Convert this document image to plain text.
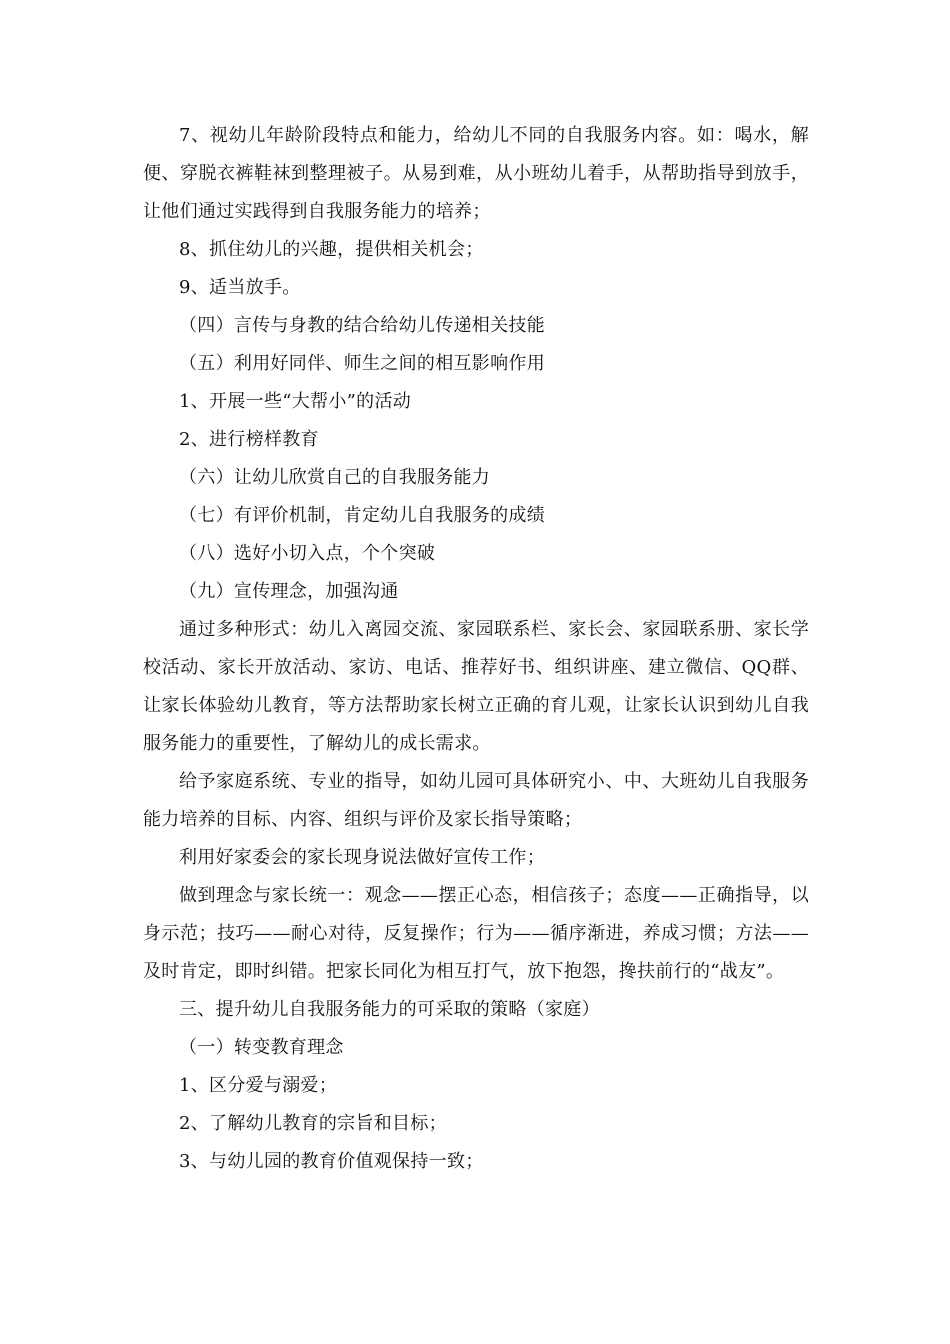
7、视幼儿年龄阶段特点和能力，给幼儿不同的自我服务内容。如：喝水，解便、穿脱衣裤鞋袜到整理被子。从易到难，从小班幼儿着手，从帮助指导到放手，让他们通过实践得到自我服务能力的培养；

8、抓住幼儿的兴趣，提供相关机会；

9、适当放手。

（四）言传与身教的结合给幼儿传递相关技能

（五）利用好同伴、师生之间的相互影响作用

1、开展一些“大帮小”的活动

2、进行榜样教育

（六）让幼儿欣赏自己的自我服务能力

（七）有评价机制，肯定幼儿自我服务的成绩

（八）选好小切入点，个个突破

（九）宣传理念，加强沟通

通过多种形式：幼儿入离园交流、家园联系栏、家长会、家园联系册、家长学校活动、家长开放活动、家访、电话、推荐好书、组织讲座、建立微信、QQ群、让家长体验幼儿教育，等方法帮助家长树立正确的育儿观，让家长认识到幼儿自我服务能力的重要性，了解幼儿的成长需求。

给予家庭系统、专业的指导，如幼儿园可具体研究小、中、大班幼儿自我服务能力培养的目标、内容、组织与评价及家长指导策略；

利用好家委会的家长现身说法做好宣传工作；

做到理念与家长统一：观念——摆正心态，相信孩子；态度——正确指导，以身示范；技巧——耐心对待，反复操作；行为——循序渐进，养成习惯；方法——及时肯定，即时纠错。把家长同化为相互打气，放下抱怨，搀扶前行的“战友”。

三、提升幼儿自我服务能力的可采取的策略（家庭）

（一）转变教育理念

1、区分爱与溺爱；

2、了解幼儿教育的宗旨和目标；

3、与幼儿园的教育价值观保持一致；
